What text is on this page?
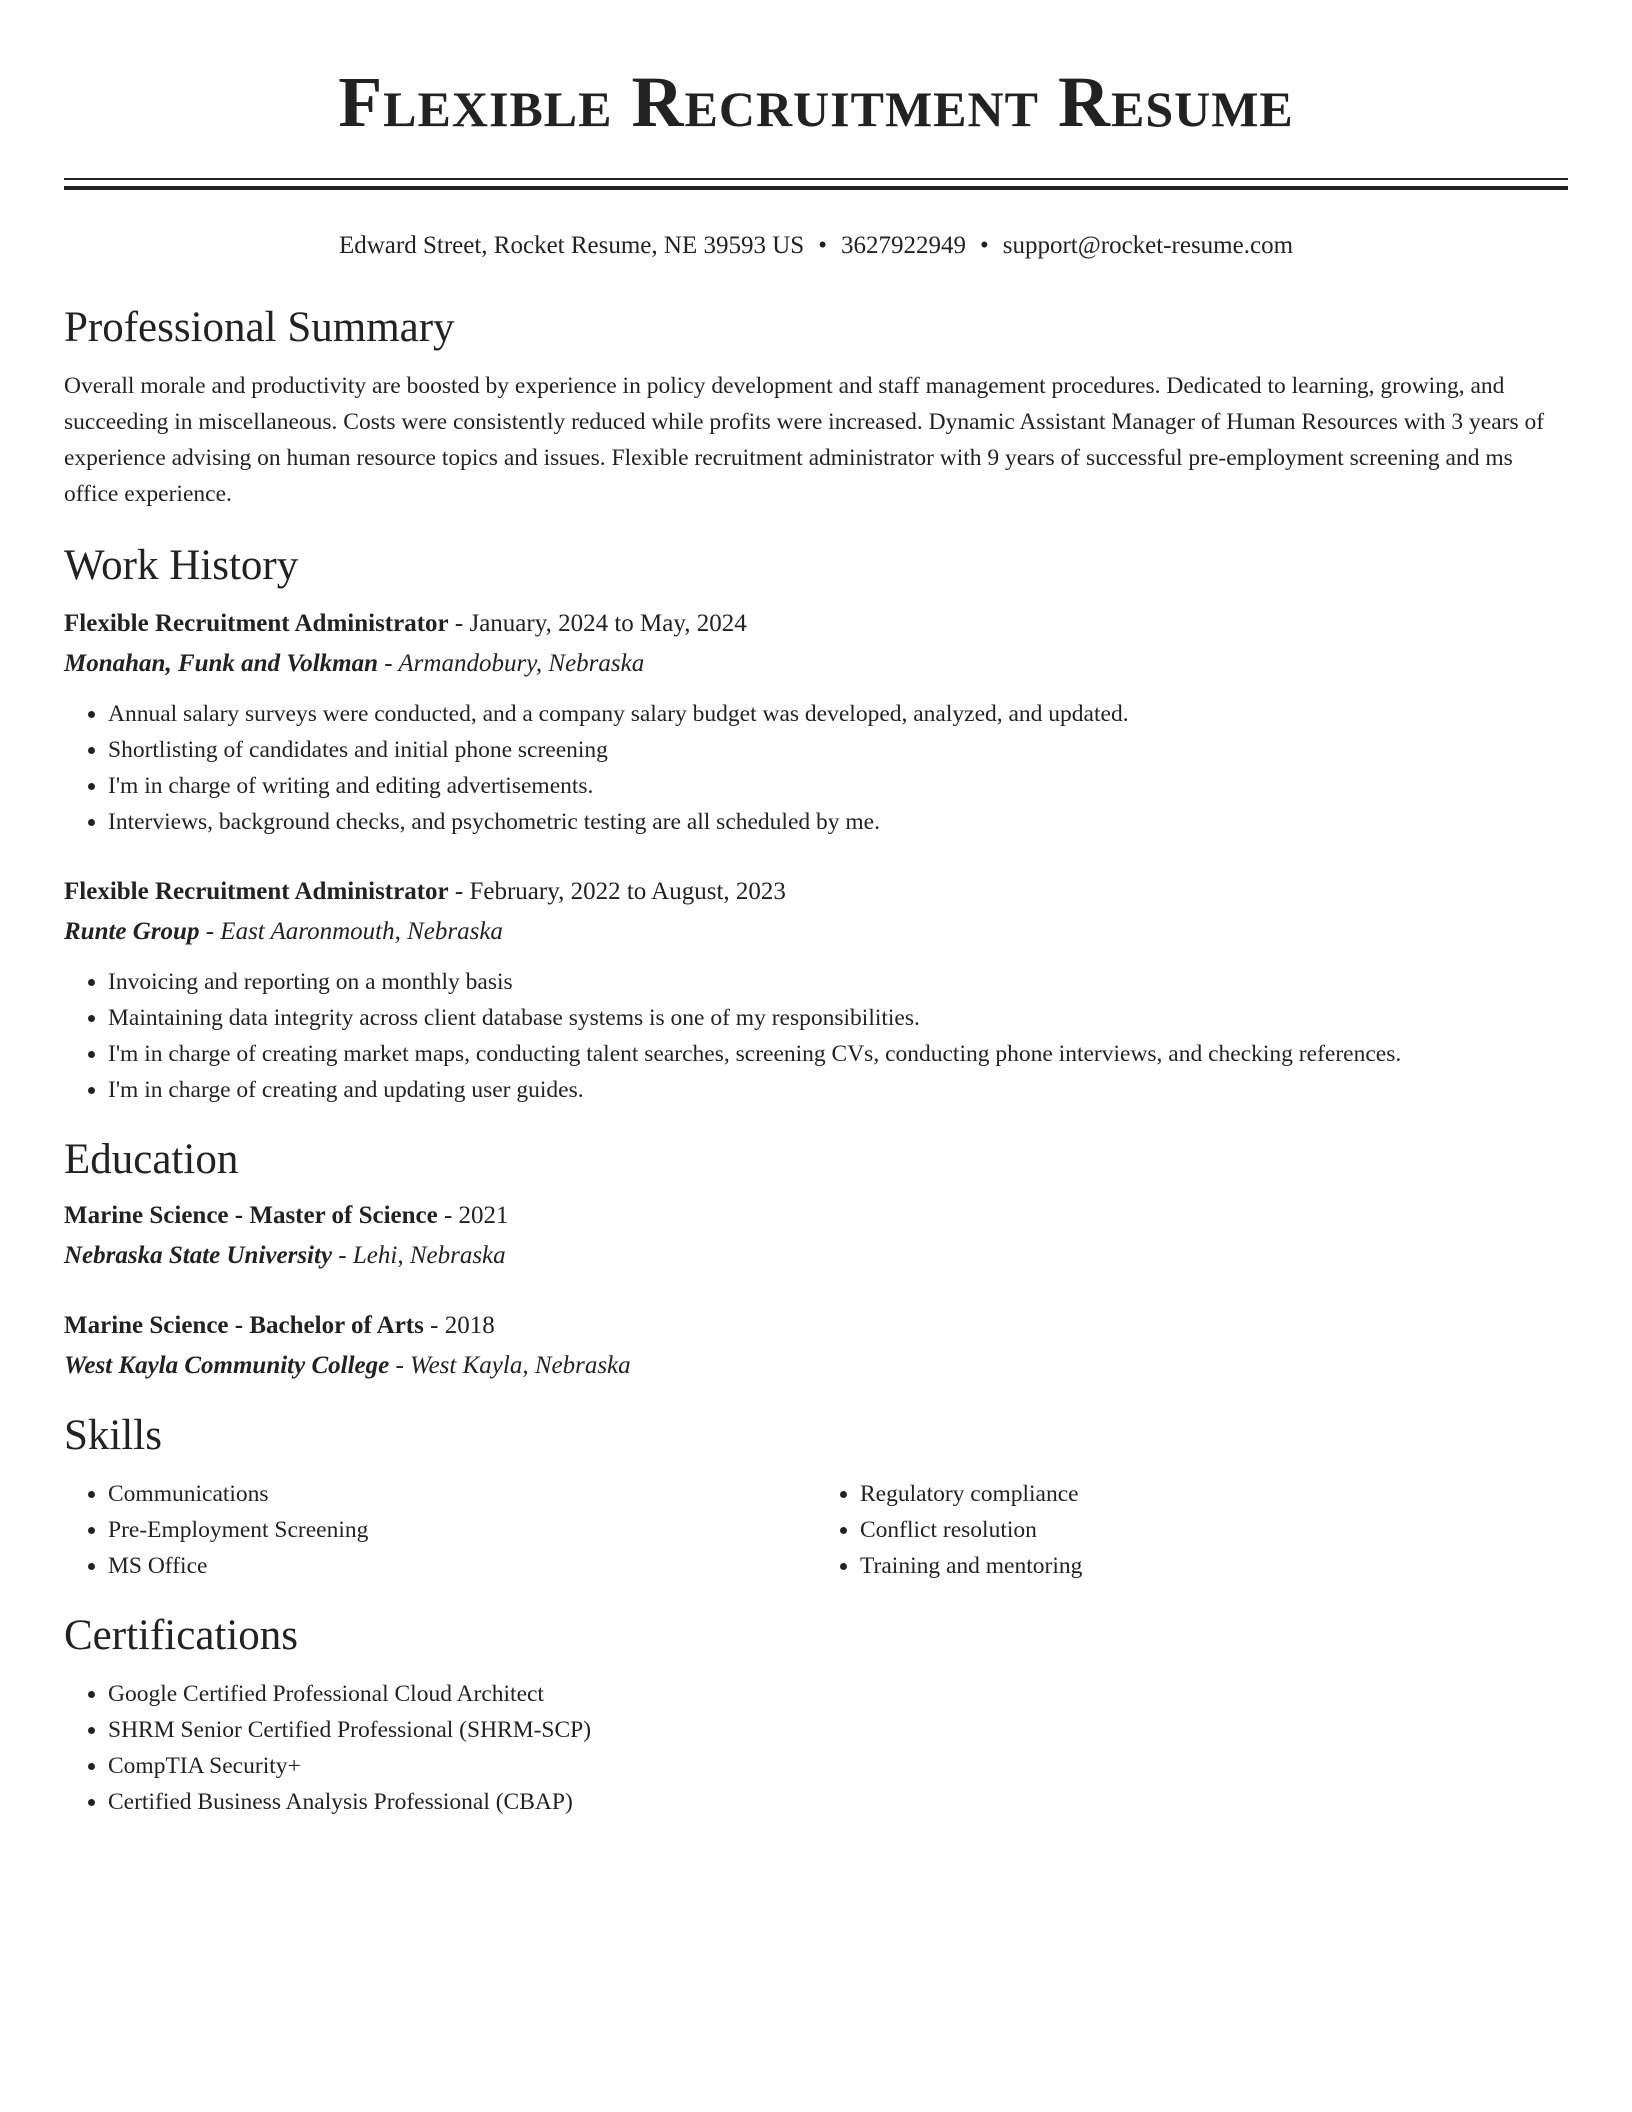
Flexible Recruitment Resume
Edward Street, Rocket Resume, NE 39593 US • 3627922949 • support@rocket-resume.com
Professional Summary

Overall morale and productivity are boosted by experience in policy development and staff management procedures. Dedicated to learning, growing, and succeeding in miscellaneous. Costs were consistently reduced while profits were increased. Dynamic Assistant Manager of Human Resources with 3 years of experience advising on human resource topics and issues. Flexible recruitment administrator with 9 years of successful pre-employment screening and ms office experience.

Work History

Flexible Recruitment Administrator - January, 2024 to May, 2024

Monahan, Funk and Volkman - Armandobury, Nebraska

• Annual salary surveys were conducted, and a company salary budget was developed, analyzed, and updated.
• Shortlisting of candidates and initial phone screening
• I'm in charge of writing and editing advertisements.
• Interviews, background checks, and psychometric testing are all scheduled by me.

Flexible Recruitment Administrator - February, 2022 to August, 2023

Runte Group - East Aaronmouth, Nebraska

• Invoicing and reporting on a monthly basis
• Maintaining data integrity across client database systems is one of my responsibilities.
• I'm in charge of creating market maps, conducting talent searches, screening CVs, conducting phone interviews, and checking references.
• I'm in charge of creating and updating user guides.
Education

Marine Science - Master of Science - 2021

Nebraska State University - Lehi, Nebraska

Marine Science - Bachelor of Arts - 2018

West Kayla Community College - West Kayla, Nebraska

Skills
• Communications
• Pre-Employment Screening
• MS Office
• Regulatory compliance
• Conflict resolution
• Training and mentoring
Certifications
• Google Certified Professional Cloud Architect
• SHRM Senior Certified Professional (SHRM-SCP)
• CompTIA Security+
• Certified Business Analysis Professional (CBAP)
